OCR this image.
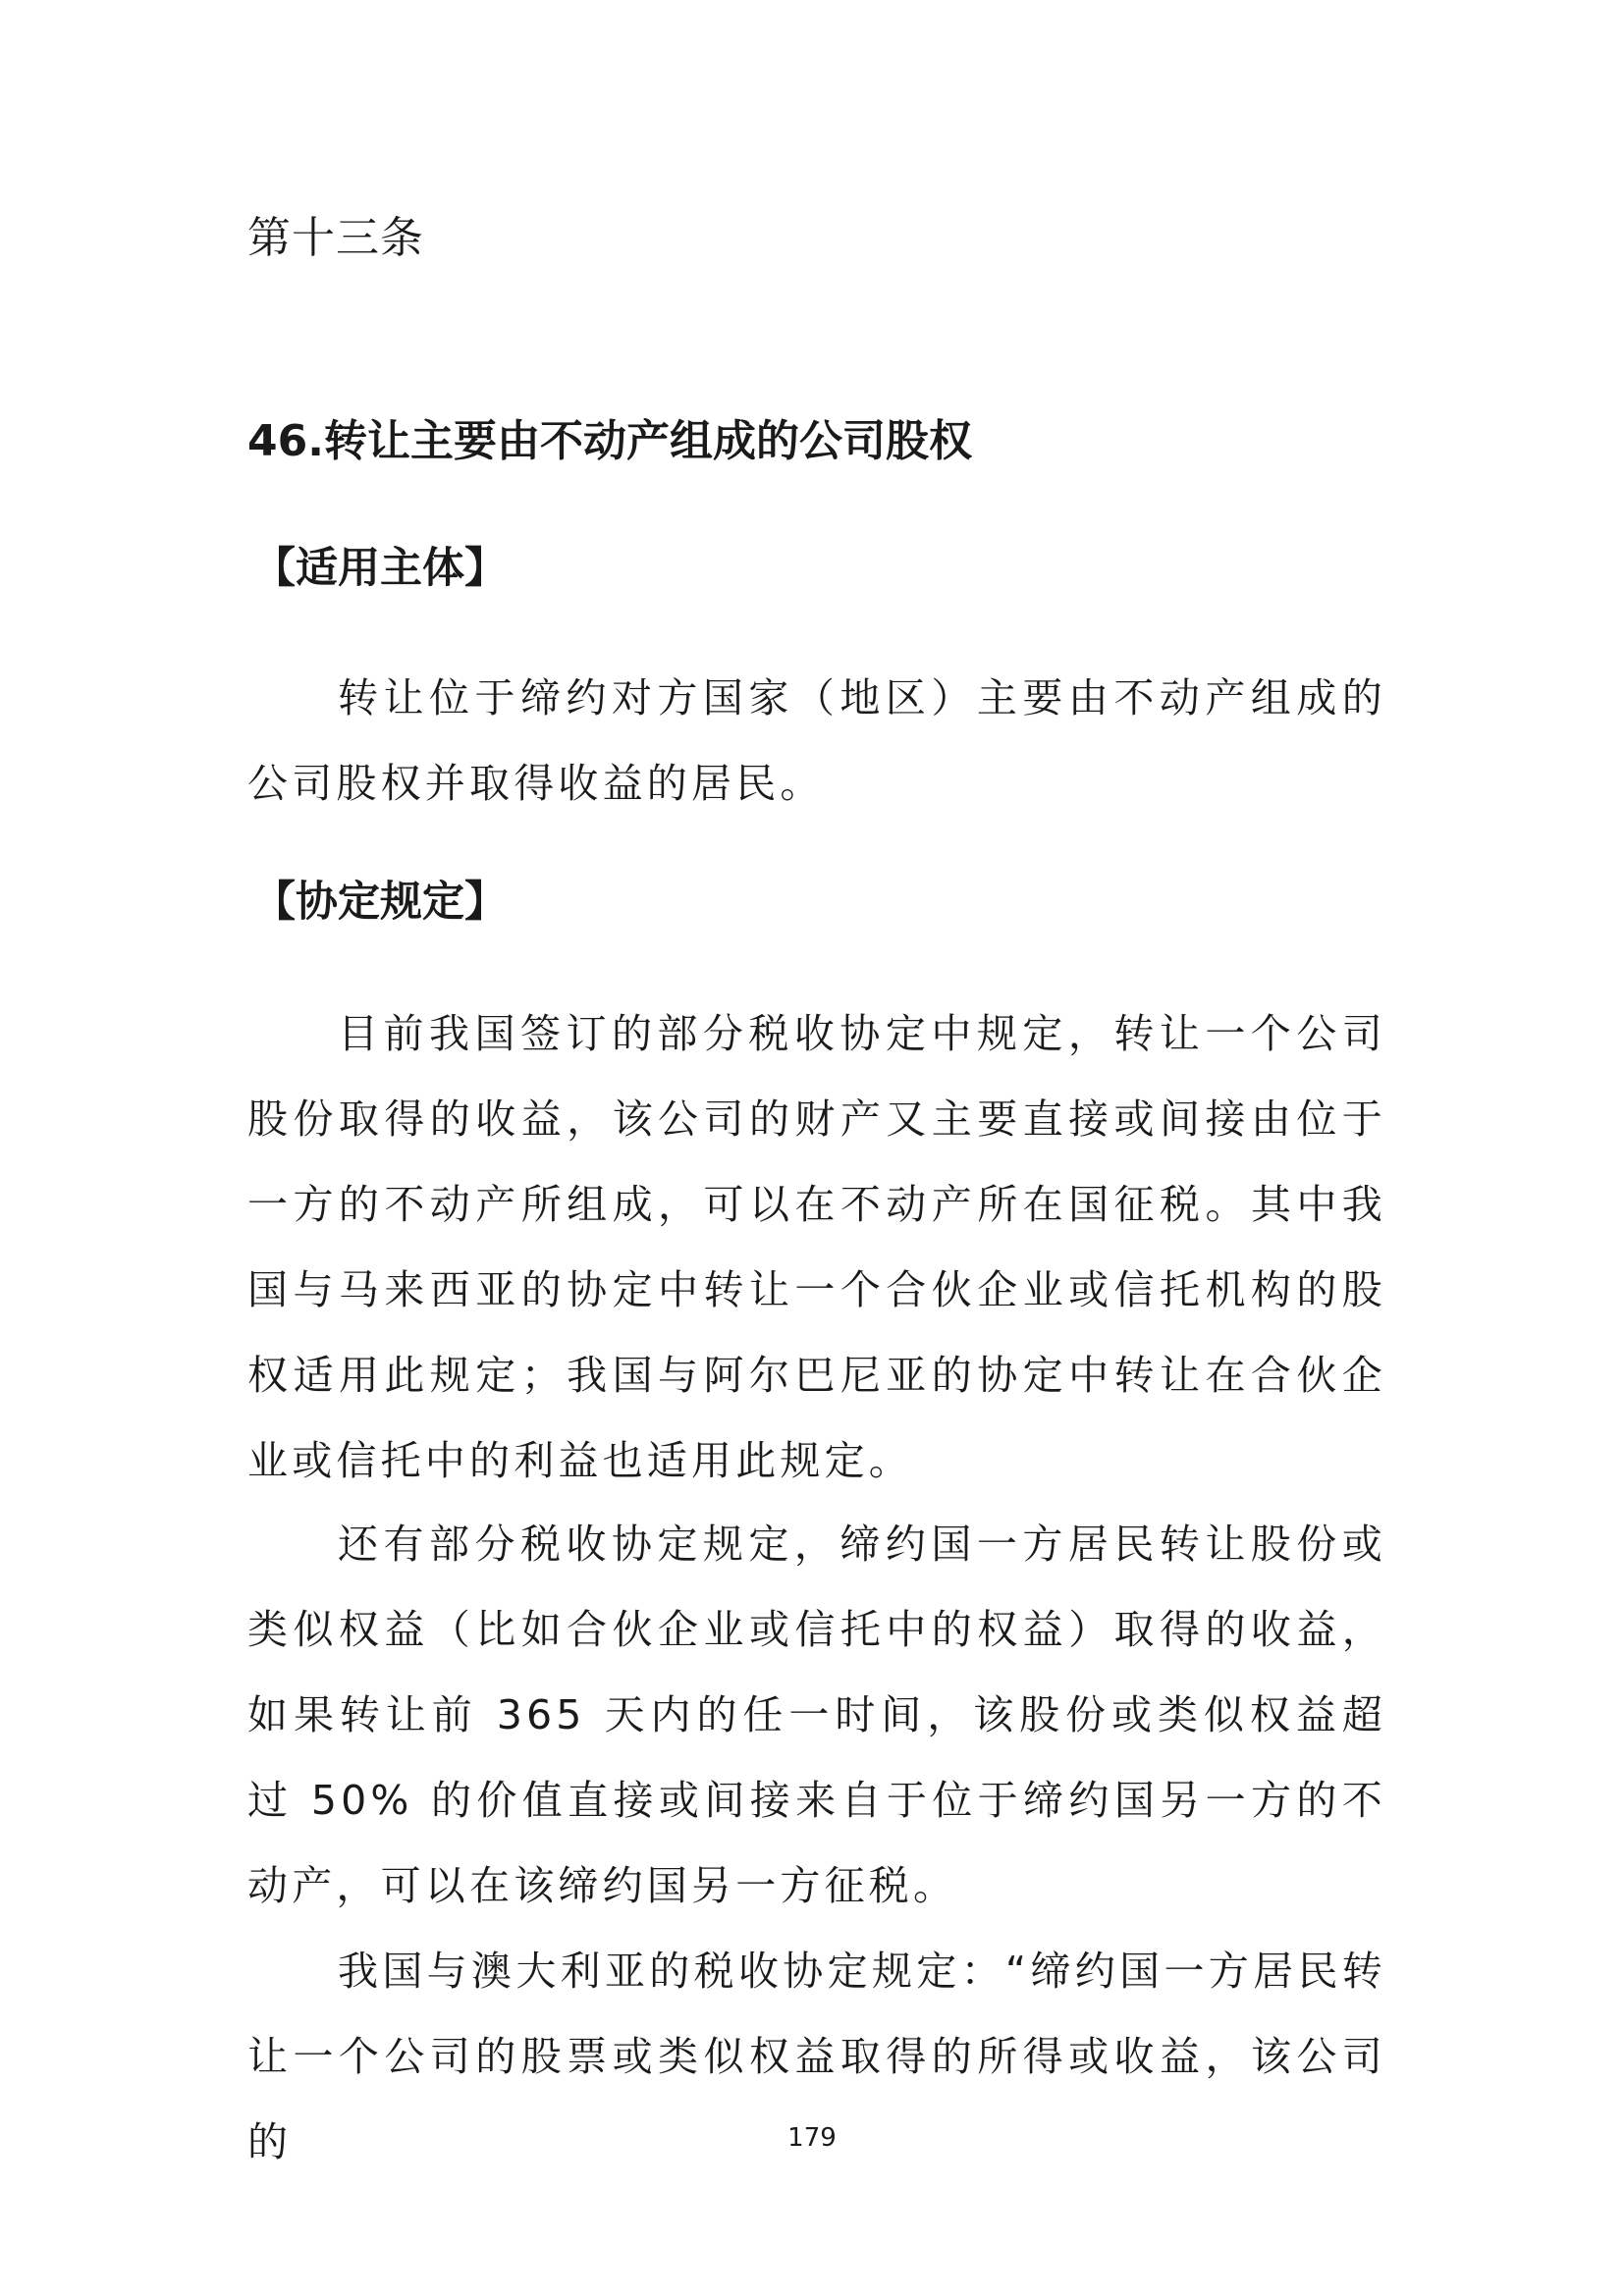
第十三条
46.转让主要由不动产组成的公司股权
【适用主体】

转让位于缔约对方国家（地区）主要由不动产组成的公司股权并取得收益的居民。

【协定规定】

目前我国签订的部分税收协定中规定，转让一个公司股份取得的收益，该公司的财产又主要直接或间接由位于一方的不动产所组成，可以在不动产所在国征税。其中我国与马来西亚的协定中转让一个合伙企业或信托机构的股权适用此规定；我国与阿尔巴尼亚的协定中转让在合伙企业或信托中的利益也适用此规定。

还有部分税收协定规定，缔约国一方居民转让股份或类似权益（比如合伙企业或信托中的权益）取得的收益，如果转让前 365 天内的任一时间，该股份或类似权益超过 50% 的价值直接或间接来自于位于缔约国另一方的不动产，可以在该缔约国另一方征税。

我国与澳大利亚的税收协定规定：“缔约国一方居民转让一个公司的股票或类似权益取得的所得或收益，该公司的	179
